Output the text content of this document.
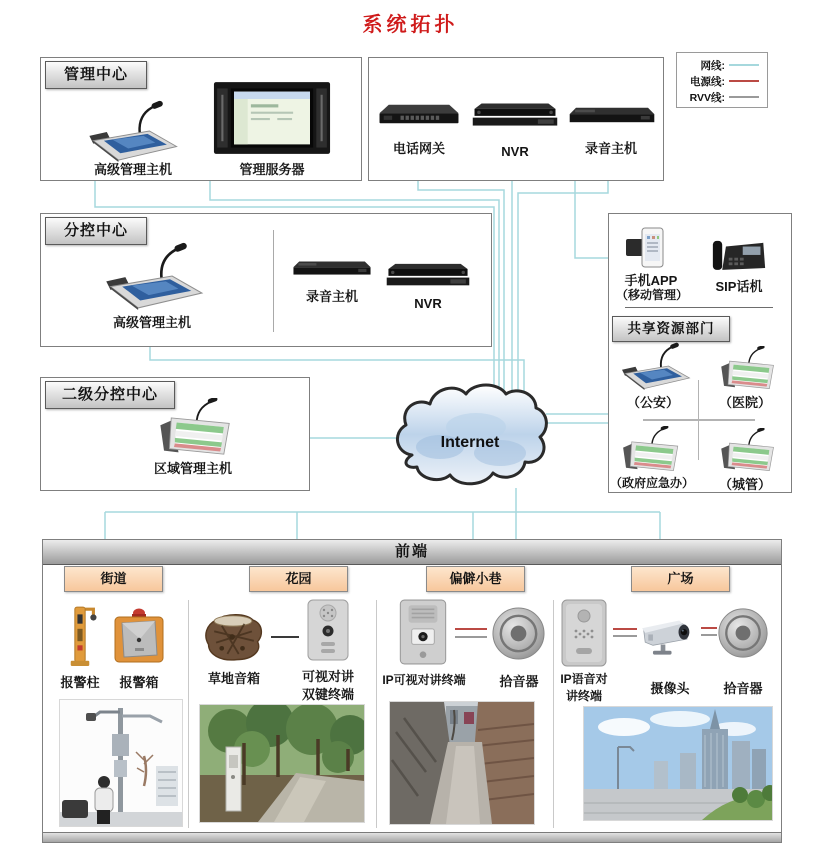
系统拓扑
网线:
电源线:
RVV线:
管理中心
高级管理主机	管理服务器
电话网关	NVR	录音主机
分控中心
高级管理主机
录音主机	NVR
手机APP
（移动管理）
SIP话机
共享资源部门
（公安）	（医院）
（政府应急办）	（城管）
二级分控中心
区域管理主机
Internet
前端
街道	花园	偏僻小巷	广场
报警柱	报警箱	草地音箱	可视对讲
双键终端
IP可视对讲终端	拾音器	IP语音对
讲终端	摄像头	拾音器
